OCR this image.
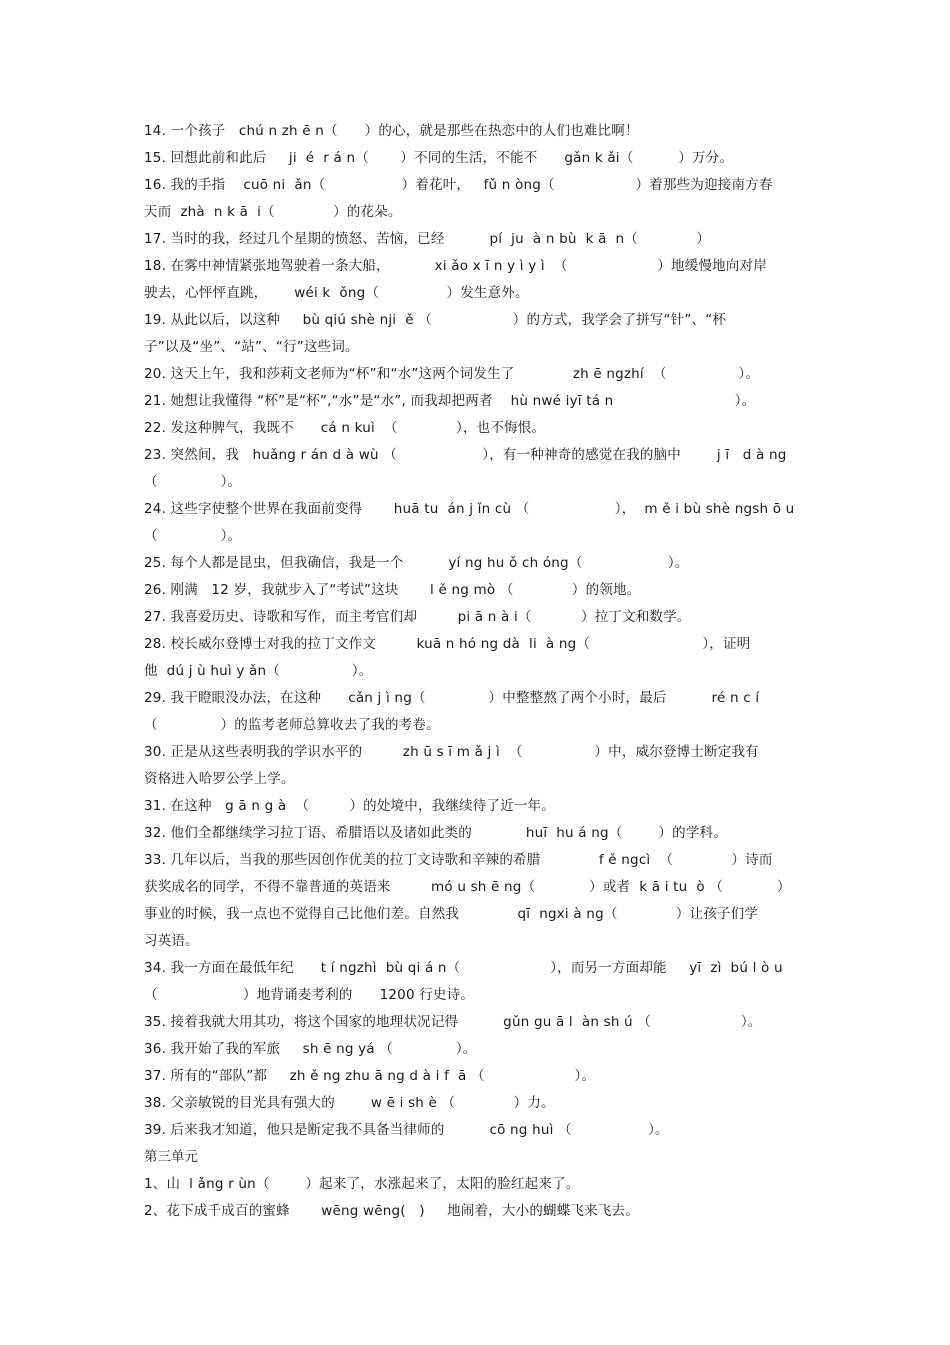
14. 一个孩子   chú n zh ē n（      ）的心，就是那些在热恋中的人们也难比啊！
15. 回想此前和此后     ji  é  r á n（       ）不同的生活，不能不      gǎn k ǎi（          ）万分。
16. 我的手指    cuō ni  ǎn（                 ）着花叶，   fǔ n òng（                  ）着那些为迎接南方春
天而  zhà  n k ā  i（             ）的花朵。
17. 当时的我，经过几个星期的愤怒、苦恼，已经          pí  ju  à n bù  k ā  n（             ）
18. 在雾中神情紧张地驾驶着一条大船，          xi ǎo x ī n y ì y ì  （                    ）地缓慢地向对岸
驶去，心怦怦直跳，      wéi k  ǒng（               ）发生意外。
19. 从此以后，以这种     bù qiú shè nji  ě （                  ）的方式，我学会了拼写“针”、“杯
子”以及“坐”、“站”、“行”这些词。
20. 这天上午，我和莎莉文老师为“杯”和“水”这两个词发生了             zh ē ngzhí  （                ）。
21. 她想让我懂得 “杯”是“杯”,“水”是“水”, 而我却把两者    hù nwé iyī tá n                           ）。
22. 发这种脾气，我既不      cá n kuì  （             ），也不悔恨。
23. 突然间，我   huǎng r án d à wù （                   ），有一种神奇的感觉在我的脑中        j ī   d à ng
（              ）。
24. 这些字使整个世界在我面前变得       huā tu  án j ǐn cù （                   ），  m ě i bù shè ngsh ō u
（              ）。
25. 每个人都是昆虫，但我确信，我是一个          yí ng hu ǒ ch óng（                   ）。
26. 刚满   12 岁，我就步入了“考试”这块       l ě ng mò （             ）的领地。
27. 我喜爱历史、诗歌和写作，而主考官们却         pi ā n à i（           ）拉丁文和数学。
28. 校长威尔登博士对我的拉丁文作文         kuā n hó ng dà  li  à ng（                         ），证明
他  dú j ù huì y ǎn（                ）。
29. 我干瞪眼没办法，在这种      cǎn j ì ng（              ）中整整熬了两个小时，最后          ré n c í
（              ）的监考老师总算收去了我的考卷。
30. 正是从这些表明我的学识水平的         zh ū s ī m ǎ j ì  （                ）中，威尔登博士断定我有
资格进入哈罗公学上学。
31. 在这种   g ā n g à  （         ）的处境中，我继续待了近一年。
32. 他们全都继续学习拉丁语、希腊语以及诸如此类的            huī  hu á ng（        ）的学科。
33. 几年以后，当我的那些因创作优美的拉丁文诗歌和辛辣的希腊             f ě ngcì  （             ）诗而
获奖成名的同学，不得不靠普通的英语来         mó u sh ē ng（            ）或者  k ā i tu  ò （            ）
事业的时候，我一点也不觉得自己比他们差。自然我             qī  ngxi à ng（             ）让孩子们学
习英语。
34. 我一方面在最低年纪      t í ngzhì  bù qi á n（                    ），而另一方面却能     yī  zì  bú l ò u
（                   ）地背诵麦考利的      1200 行史诗。
35. 接着我就大用其功，将这个国家的地理状况记得          gǔn gu ā l  àn sh ú （                    ）。
36. 我开始了我的军旅     sh ē ng yá （              ）。
37. 所有的“部队”都     zh ě ng zhu ā ng d à i f  ā （                    ）。
38. 父亲敏锐的目光具有强大的        w ē i sh è （             ）力。
39. 后来我才知道，他只是断定我不具备当律师的          cō ng huì （                 ）。
第三单元
1、山  l ǎng r ùn（        ）起来了，水涨起来了，太阳的脸红起来了。
2、花下成千成百的蜜蜂       wēng wēng(   )     地闹着，大小的蝴蝶飞来飞去。
